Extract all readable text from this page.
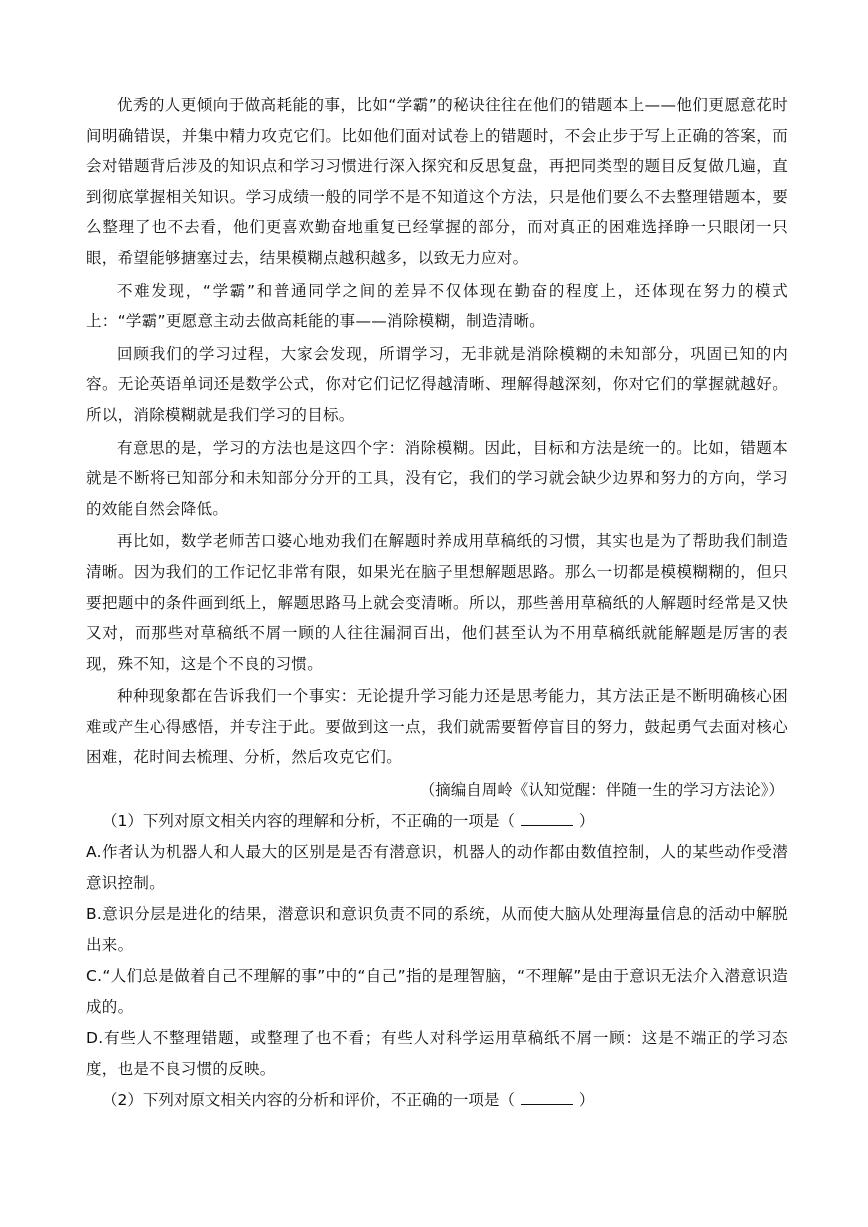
优秀的人更倾向于做高耗能的事，比如“学霸”的秘诀往往在他们的错题本上——他们更愿意花时间明确错误，并集中精力攻克它们。比如他们面对试卷上的错题时，不会止步于写上正确的答案，而会对错题背后涉及的知识点和学习习惯进行深入探究和反思复盘，再把同类型的题目反复做几遍，直到彻底掌握相关知识。学习成绩一般的同学不是不知道这个方法，只是他们要么不去整理错题本，要么整理了也不去看，他们更喜欢勤奋地重复已经掌握的部分，而对真正的困难选择睁一只眼闭一只眼，希望能够搪塞过去，结果模糊点越积越多，以致无力应对。

不难发现，“学霸”和普通同学之间的差异不仅体现在勤奋的程度上，还体现在努力的模式上：“学霸”更愿意主动去做高耗能的事——消除模糊，制造清晰。

回顾我们的学习过程，大家会发现，所谓学习，无非就是消除模糊的未知部分，巩固已知的内容。无论英语单词还是数学公式，你对它们记忆得越清晰、理解得越深刻，你对它们的掌握就越好。所以，消除模糊就是我们学习的目标。

有意思的是，学习的方法也是这四个字：消除模糊。因此，目标和方法是统一的。比如，错题本就是不断将已知部分和未知部分分开的工具，没有它，我们的学习就会缺少边界和努力的方向，学习的效能自然会降低。

再比如，数学老师苦口婆心地劝我们在解题时养成用草稿纸的习惯，其实也是为了帮助我们制造清晰。因为我们的工作记忆非常有限，如果光在脑子里想解题思路。那么一切都是模模糊糊的，但只要把题中的条件画到纸上，解题思路马上就会变清晰。所以，那些善用草稿纸的人解题时经常是又快又对，而那些对草稿纸不屑一顾的人往往漏洞百出，他们甚至认为不用草稿纸就能解题是厉害的表现，殊不知，这是个不良的习惯。

种种现象都在告诉我们一个事实：无论提升学习能力还是思考能力，其方法正是不断明确核心困难或产生心得感悟，并专注于此。要做到这一点，我们就需要暂停盲目的努力，鼓起勇气去面对核心困难，花时间去梳理、分析，然后攻克它们。

（摘编自周岭《认知觉醒：伴随一生的学习方法论》）

（1）下列对原文相关内容的理解和分析，不正确的一项是（	）

A.作者认为机器人和人最大的区别是是否有潜意识，机器人的动作都由数值控制，人的某些动作受潜意识控制。

B.意识分层是进化的结果，潜意识和意识负责不同的系统，从而使大脑从处理海量信息的活动中解脱出来。

C.“人们总是做着自己不理解的事”中的“自己”指的是理智脑，“不理解”是由于意识无法介入潜意识造成的。

D.有些人不整理错题，或整理了也不看；有些人对科学运用草稿纸不屑一顾：这是不端正的学习态度，也是不良习惯的反映。

（2）下列对原文相关内容的分析和评价，不正确的一项是（	）
